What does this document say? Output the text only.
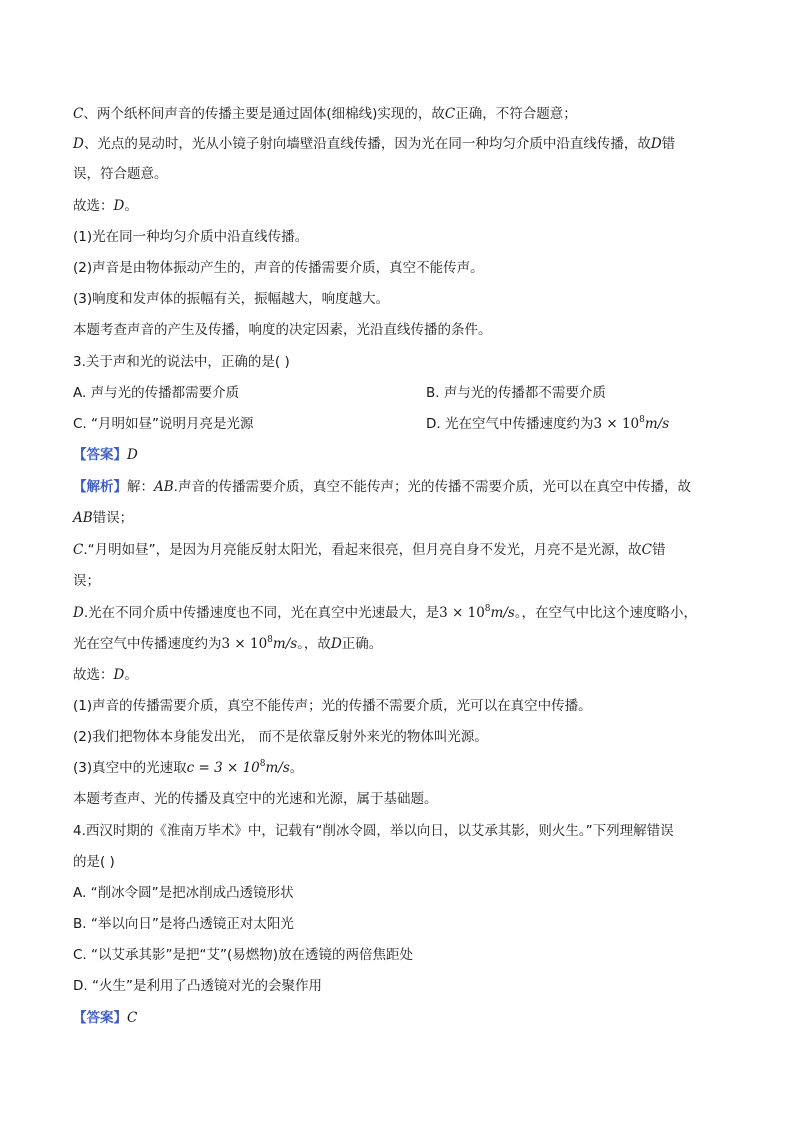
C、两个纸杯间声音的传播主要是通过固体(细棉线)实现的，故C正确，不符合题意；
D、光点的晃动时，光从小镜子射向墙壁沿直线传播，因为光在同一种均匀介质中沿直线传播，故D错
误，符合题意。
故选：D。
(1)光在同一种均匀介质中沿直线传播。
(2)声音是由物体振动产生的，声音的传播需要介质，真空不能传声。
(3)响度和发声体的振幅有关，振幅越大，响度越大。
本题考查声音的产生及传播，响度的决定因素，光沿直线传播的条件。
3.关于声和光的说法中，正确的是( )
A. 声与光的传播都需要介质	B. 声与光的传播都不需要介质
C. “月明如昼”说明月亮是光源	D. 光在空气中传播速度约为$3 \times 10^8m/s$
【答案】D
【解析】解：AB.声音的传播需要介质，真空不能传声；光的传播不需要介质，光可以在真空中传播，故
AB错误；
C.“月明如昼”，是因为月亮能反射太阳光，看起来很亮，但月亮自身不发光，月亮不是光源，故C错
误；
D.光在不同介质中传播速度也不同，光在真空中光速最大，是$3 \times 10^8m/s$。，在空气中比这个速度略小，
光在空气中传播速度约为$3 \times 10^8m/s$。，故D正确。
故选：D。
(1)声音的传播需要介质，真空不能传声；光的传播不需要介质，光可以在真空中传播。
(2)我们把物体本身能发出光， 而不是依靠反射外来光的物体叫光源。
(3)真空中的光速取$c = 3 \times 10^8m/s$。
本题考查声、光的传播及真空中的光速和光源，属于基础题。
4.西汉时期的《淮南万毕术》中，记载有“削冰令圆，举以向日，以艾承其影，则火生。”下列理解错误
的是( )
A. “削冰令圆”是把冰削成凸透镜形状
B. “举以向日”是将凸透镜正对太阳光
C. “以艾承其影”是把“艾”(易燃物)放在透镜的两倍焦距处
D. “火生”是利用了凸透镜对光的会聚作用
【答案】C
